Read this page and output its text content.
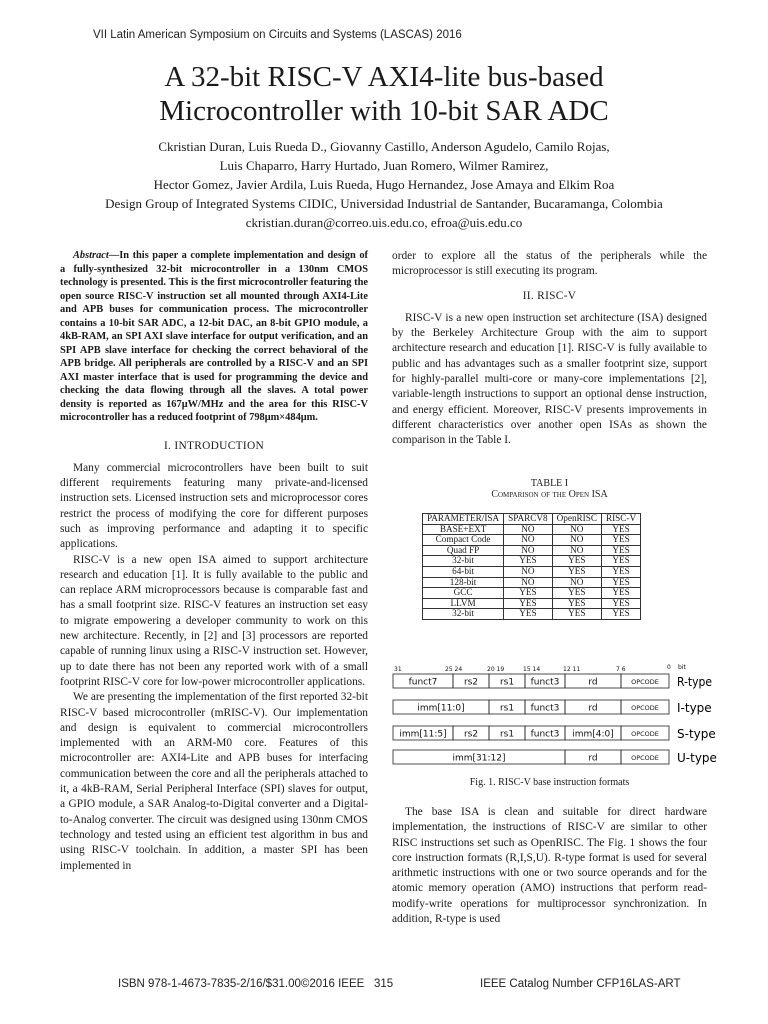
VII Latin American Symposium on Circuits and Systems (LASCAS) 2016
A 32-bit RISC-V AXI4-lite bus-based
Microcontroller with 10-bit SAR ADC
Ckristian Duran, Luis Rueda D., Giovanny Castillo, Anderson Agudelo, Camilo Rojas,
Luis Chaparro, Harry Hurtado, Juan Romero, Wilmer Ramirez,
Hector Gomez, Javier Ardila, Luis Rueda, Hugo Hernandez, Jose Amaya and Elkim Roa
Design Group of Integrated Systems CIDIC, Universidad Industrial de Santander, Bucaramanga, Colombia
ckristian.duran@correo.uis.edu.co, efroa@uis.edu.co

Abstract—In this paper a complete implementation and design of a fully-synthesized 32-bit microcontroller in a 130nm CMOS technology is presented. This is the first microcontroller featuring the open source RISC-V instruction set all mounted through AXI4-Lite and APB buses for communication process. The microcontroller contains a 10-bit SAR ADC, a 12-bit DAC, an 8-bit GPIO module, a 4kB-RAM, an SPI AXI slave interface for output verification, and an SPI APB slave interface for checking the correct behavioral of the APB bridge. All peripherals are controlled by a RISC-V and an SPI AXI master interface that is used for programming the device and checking the data flowing through all the slaves. A total power density is reported as 167μW/MHz and the area for this RISC-V microcontroller has a reduced footprint of 798μm×484μm.

I. INTRODUCTION

Many commercial microcontrollers have been built to suit different requirements featuring many private-and-licensed instruction sets. Licensed instruction sets and microprocessor cores restrict the process of modifying the core for different purposes such as improving performance and adapting it to specific applications.

RISC-V is a new open ISA aimed to support architecture research and education [1]. It is fully available to the public and can replace ARM microprocessors because is comparable fast and has a small footprint size. RISC-V features an instruction set easy to migrate empowering a developer community to work on this new architecture. Recently, in [2] and [3] processors are reported capable of running linux using a RISC-V instruction set. However, up to date there has not been any reported work with of a small footprint RISC-V core for low-power microcontroller applications.

We are presenting the implementation of the first reported 32-bit RISC-V based microcontroller (mRISC-V). Our implementation and design is equivalent to commercial microcontrollers implemented with an ARM-M0 core. Features of this microcontroller are: AXI4-Lite and APB buses for interfacing communication between the core and all the peripherals attached to it, a 4kB-RAM, Serial Peripheral Interface (SPI) slaves for output, a GPIO module, a SAR Analog-to-Digital converter and a Digital-to-Analog converter. The circuit was designed using 130nm CMOS technology and tested using an efficient test algorithm in bus and using RISC-V toolchain. In addition, a master SPI has been implemented in

order to explore all the status of the peripherals while the microprocessor is still executing its program.

II. RISC-V

RISC-V is a new open instruction set architecture (ISA) designed by the Berkeley Architecture Group with the aim to support architecture research and education [1]. RISC-V is fully available to public and has advantages such as a smaller footprint size, support for highly-parallel multi-core or many-core implementations [2], variable-length instructions to support an optional dense instruction, and energy efficient. Moreover, RISC-V presents improvements in different characteristics over another open ISAs as shown the comparison in the Table I.

TABLE I
Comparison of the Open ISA
PARAMETER/ISA	SPARCV8	OpenRISC	RISC-V
BASE+EXT	NO	NO	YES
Compact Code	NO	NO	YES
Quad FP	NO	NO	YES
32-bit	YES	YES	YES
64-bit	NO	YES	YES
128-bit	NO	NO	YES
GCC	YES	YES	YES
LLVM	YES	YES	YES
32-bit	YES	YES	YES
31	25 24	20 19	15 14	12 11	7 6	0 bit
funct7	rs2 rs1 funct3	rd	OPCODE R-type
imm[11:0]	rs1 funct3	rd	OPCODE I-type
imm[11:5] rs2 rs1 funct3 imm[4:0]	OPCODE S-type
imm[31:12]	rd	OPCODE U-type
Fig. 1. RISC-V base instruction formats

The base ISA is clean and suitable for direct hardware implementation, the instructions of RISC-V are similar to other RISC instructions set such as OpenRISC. The Fig. 1 shows the four core instruction formats (R,I,S,U). R-type format is used for several arithmetic instructions with one or two source operands and for the atomic memory operation (AMO) instructions that perform read-modify-write operations for multiprocessor synchronization. In addition, R-type is used

ISBN 978-1-4673-7835-2/16/$31.00©2016 IEEE 315	IEEE Catalog Number CFP16LAS-ART
